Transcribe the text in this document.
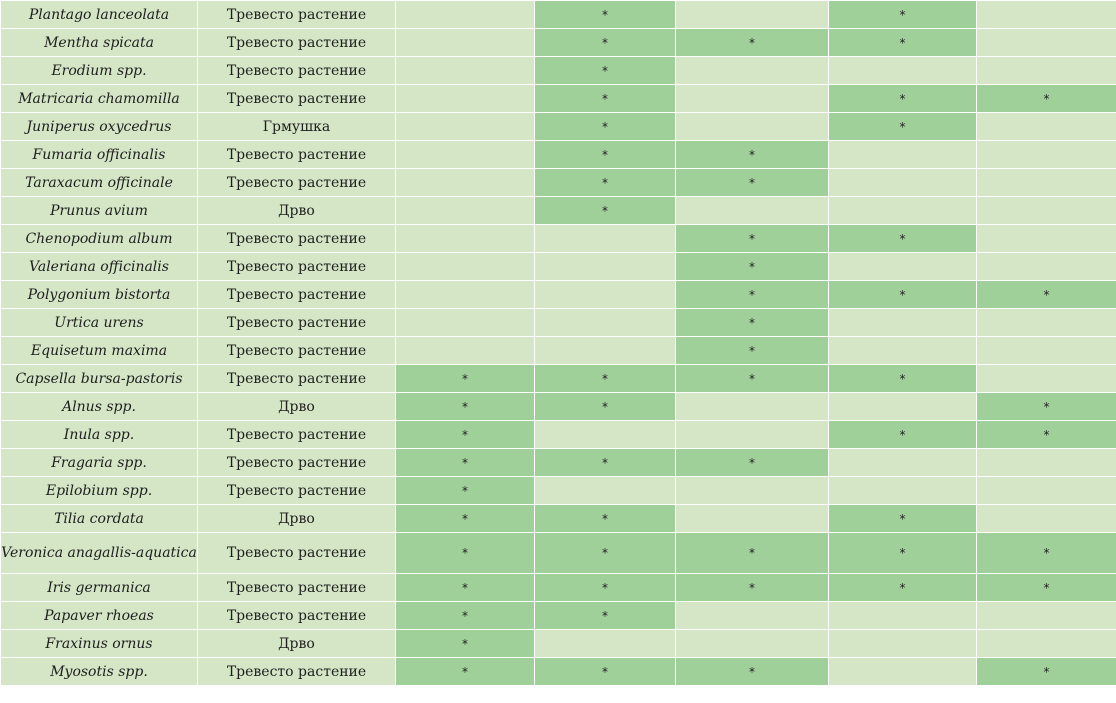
Plantago lanceolata	Тревесто растение		*		*	
Mentha spicata	Тревесто растение		*	*	*	
Erodium spp.	Тревесто растение		*			
Matricaria chamomilla	Тревесто растение		*		*	*
Juniperus oxycedrus	Грмушка		*		*	
Fumaria officinalis	Тревесто растение		*	*		
Taraxacum officinale	Тревесто растение		*	*		
Prunus avium	Дрво		*			
Chenopodium album	Тревесто растение			*	*	
Valeriana officinalis	Тревесто растение			*		
Polygonium bistorta	Тревесто растение			*	*	*
Urtica urens	Тревесто растение			*		
Equisetum maxima	Тревесто растение			*		
Capsella bursa-pastoris	Тревесто растение	*	*	*	*	
Alnus spp.	Дрво	*	*			*
Inula spp.	Тревесто растение	*			*	*
Fragaria spp.	Тревесто растение	*	*	*		
Epilobium spp.	Тревесто растение	*				
Tilia cordata	Дрво	*	*		*	
Veronica anagallis-aquatica	Тревесто растение	*	*	*	*	*
Iris germanica	Тревесто растение	*	*	*	*	*
Papaver rhoeas	Тревесто растение	*	*			
Fraxinus ornus	Дрво	*				
Myosotis spp.	Тревесто растение	*	*	*		*
